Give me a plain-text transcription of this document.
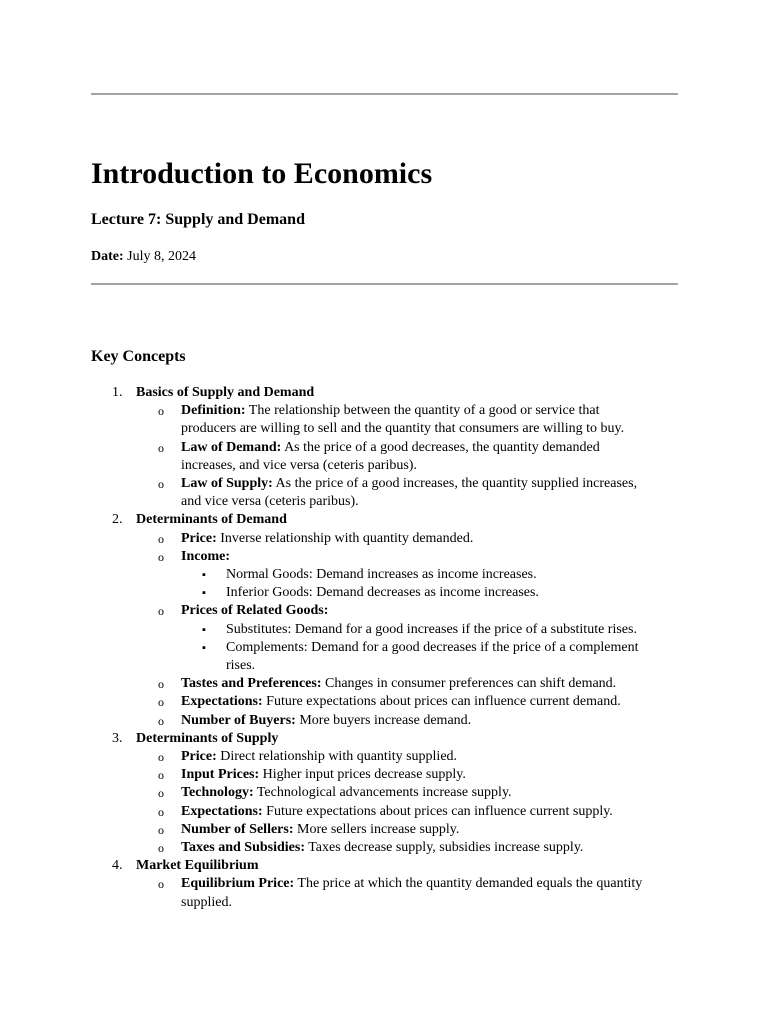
Introduction to Economics
Lecture 7: Supply and Demand

Date: July 8, 2024

Key Concepts
1. Basics of Supply and Demand
o Definition: The relationship between the quantity of a good or service that
producers are willing to sell and the quantity that consumers are willing to buy.
o Law of Demand: As the price of a good decreases, the quantity demanded
increases, and vice versa (ceteris paribus).
o Law of Supply: As the price of a good increases, the quantity supplied increases,
and vice versa (ceteris paribus).
2. Determinants of Demand
o Price: Inverse relationship with quantity demanded.
o Income:
▪ Normal Goods: Demand increases as income increases.
▪ Inferior Goods: Demand decreases as income increases.
o Prices of Related Goods:
▪ Substitutes: Demand for a good increases if the price of a substitute rises.
▪ Complements: Demand for a good decreases if the price of a complement
rises.
o Tastes and Preferences: Changes in consumer preferences can shift demand.
o Expectations: Future expectations about prices can influence current demand.
o Number of Buyers: More buyers increase demand.
3. Determinants of Supply
o Price: Direct relationship with quantity supplied.
o Input Prices: Higher input prices decrease supply.
o Technology: Technological advancements increase supply.
o Expectations: Future expectations about prices can influence current supply.
o Number of Sellers: More sellers increase supply.
o Taxes and Subsidies: Taxes decrease supply, subsidies increase supply.
4. Market Equilibrium
o Equilibrium Price: The price at which the quantity demanded equals the quantity
supplied.
